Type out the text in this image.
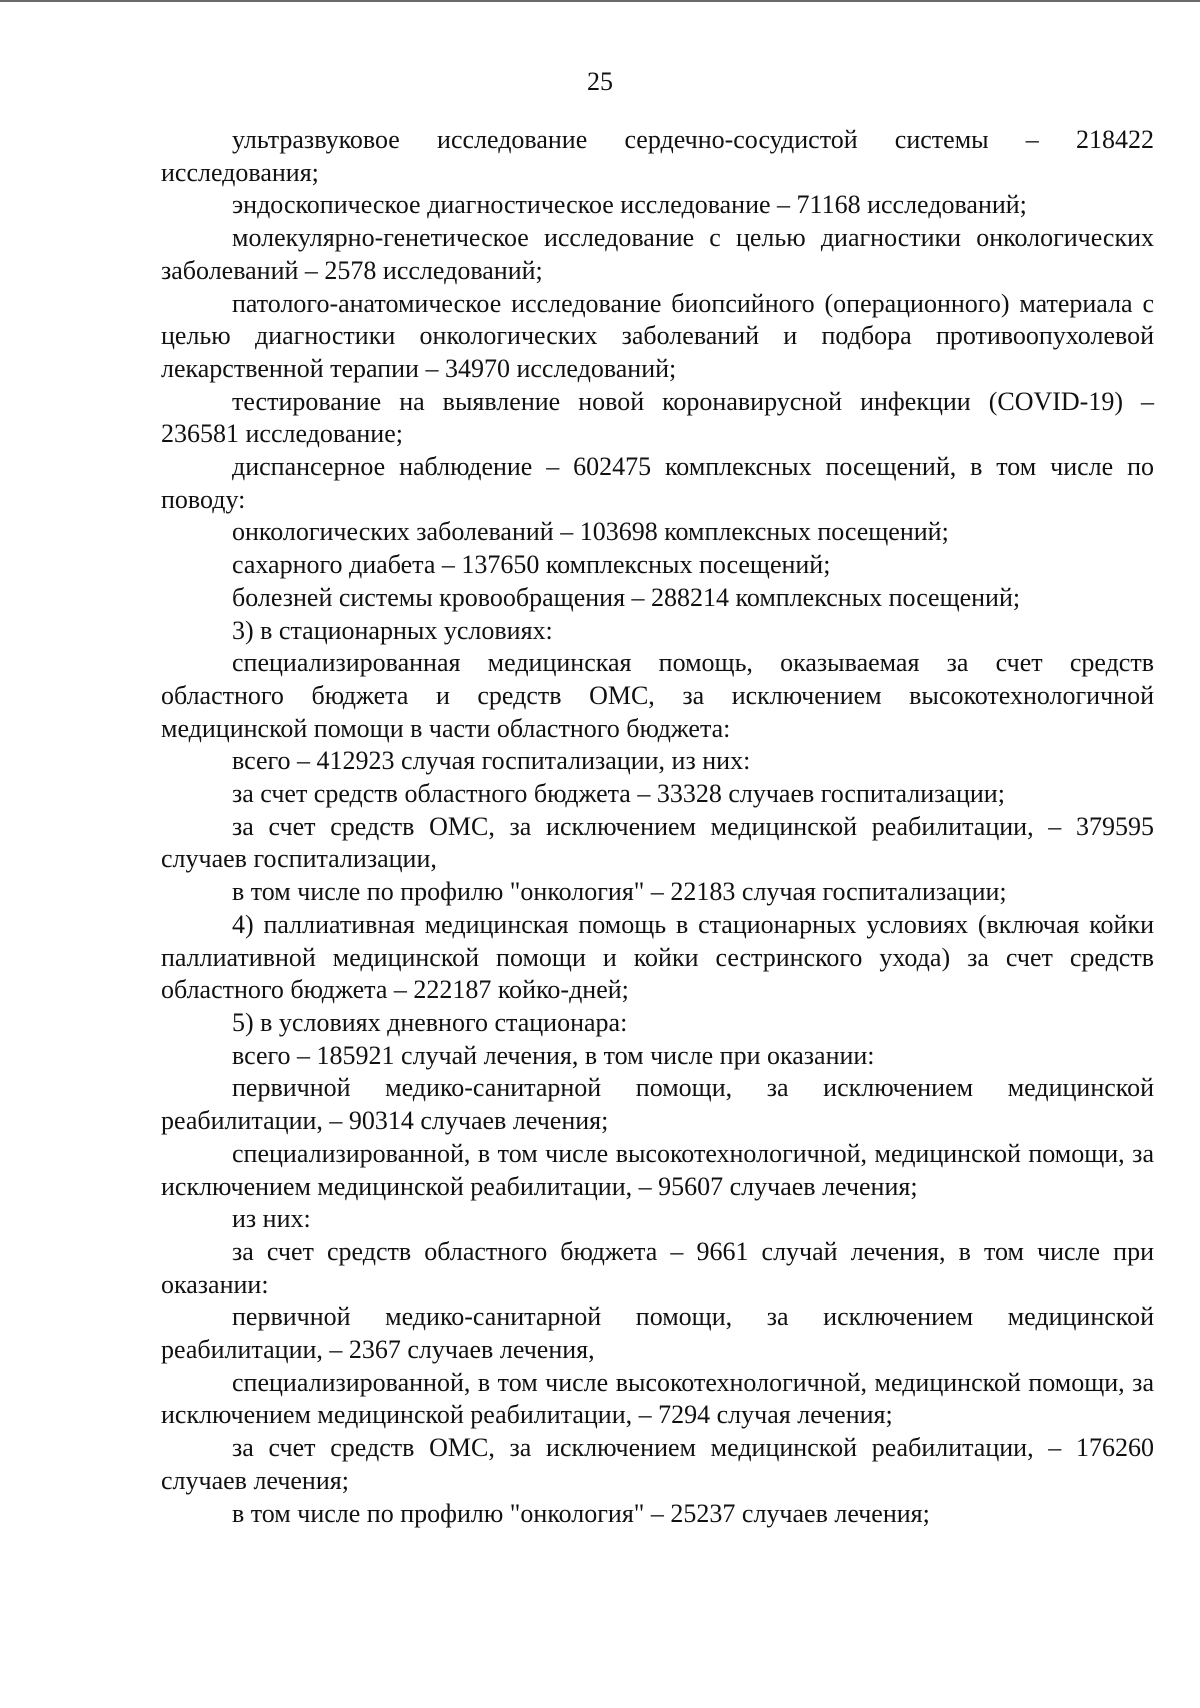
25

ультразвуковое исследование сердечно-сосудистой системы – 218422 исследования;

эндоскопическое диагностическое исследование – 71168 исследований;

молекулярно-генетическое исследование с целью диагностики онкологических заболеваний – 2578 исследований;

патолого-анатомическое исследование биопсийного (операционного) материала с целью диагностики онкологических заболеваний и подбора противоопухолевой лекарственной терапии – 34970 исследований;

тестирование на выявление новой коронавирусной инфекции (COVID-19) – 236581 исследование;

диспансерное наблюдение – 602475 комплексных посещений, в том числе по поводу:

онкологических заболеваний – 103698 комплексных посещений;

сахарного диабета – 137650 комплексных посещений;

болезней системы кровообращения – 288214 комплексных посещений;

3) в стационарных условиях:

специализированная медицинская помощь, оказываемая за счет средств областного бюджета и средств ОМС, за исключением высокотехнологичной медицинской помощи в части областного бюджета:

всего – 412923 случая госпитализации, из них:

за счет средств областного бюджета – 33328 случаев госпитализации;

за счет средств ОМС, за исключением медицинской реабилитации, – 379595 случаев госпитализации,

в том числе по профилю "онкология" – 22183 случая госпитализации;

4) паллиативная медицинская помощь в стационарных условиях (включая койки паллиативной медицинской помощи и койки сестринского ухода) за счет средств областного бюджета – 222187 койко-дней;

5) в условиях дневного стационара:

всего – 185921 случай лечения, в том числе при оказании:

первичной медико-санитарной помощи, за исключением медицинской реабилитации, – 90314 случаев лечения;

специализированной, в том числе высокотехнологичной, медицинской помощи, за исключением медицинской реабилитации, – 95607 случаев лечения;

из них:

за счет средств областного бюджета – 9661 случай лечения, в том числе при оказании:

первичной медико-санитарной помощи, за исключением медицинской реабилитации, – 2367 случаев лечения,

специализированной, в том числе высокотехнологичной, медицинской помощи, за исключением медицинской реабилитации, – 7294 случая лечения;

за счет средств ОМС, за исключением медицинской реабилитации, – 176260 случаев лечения;

в том числе по профилю "онкология" – 25237 случаев лечения;
